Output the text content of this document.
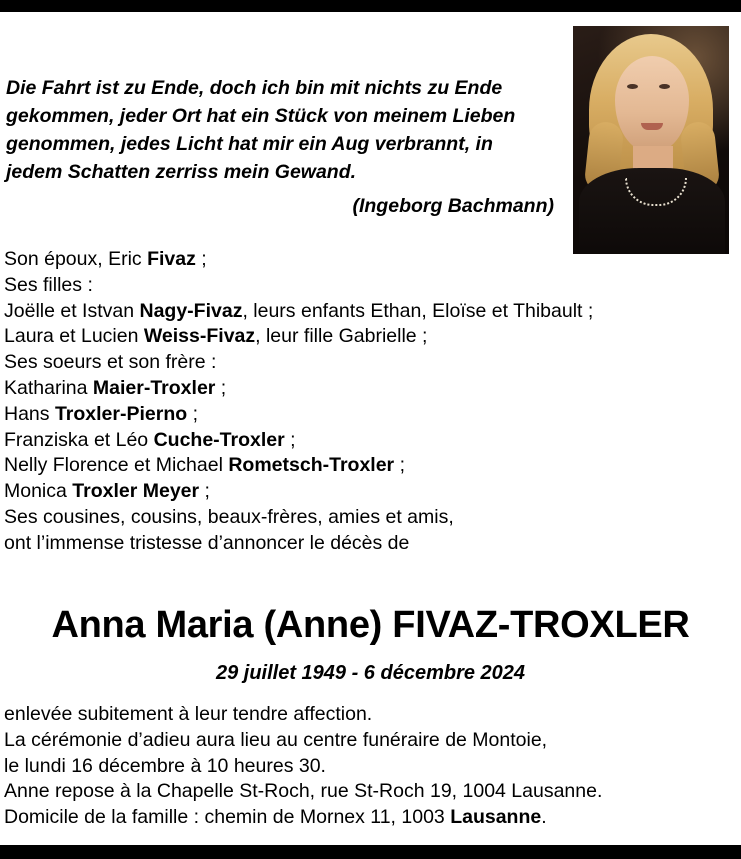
Die Fahrt ist zu Ende, doch ich bin mit nichts zu Ende gekommen, jeder Ort hat ein Stück von meinem Lieben genommen, jedes Licht hat mir ein Aug verbrannt, in jedem Schatten zerriss mein Gewand.
(Ingeborg Bachmann)
Son époux, Eric Fivaz ;
Ses filles :
Joëlle et Istvan Nagy-Fivaz, leurs enfants Ethan, Eloïse et Thibault ;
Laura et Lucien Weiss-Fivaz, leur fille Gabrielle ;
Ses soeurs et son frère :
Katharina Maier-Troxler ;
Hans Troxler-Pierno ;
Franziska et Léo Cuche-Troxler ;
Nelly Florence et Michael Rometsch-Troxler ;
Monica Troxler Meyer ;
Ses cousines, cousins, beaux-frères, amies et amis,
ont l’immense tristesse d’annoncer le décès de
Anna Maria (Anne) FIVAZ-TROXLER
29 juillet 1949 - 6 décembre 2024
enlevée subitement à leur tendre affection.
La cérémonie d’adieu aura lieu au centre funéraire de Montoie,
le lundi 16 décembre à 10 heures 30.
Anne repose à la Chapelle St-Roch, rue St-Roch 19, 1004 Lausanne.
Domicile de la famille : chemin de Mornex 11, 1003 Lausanne.
